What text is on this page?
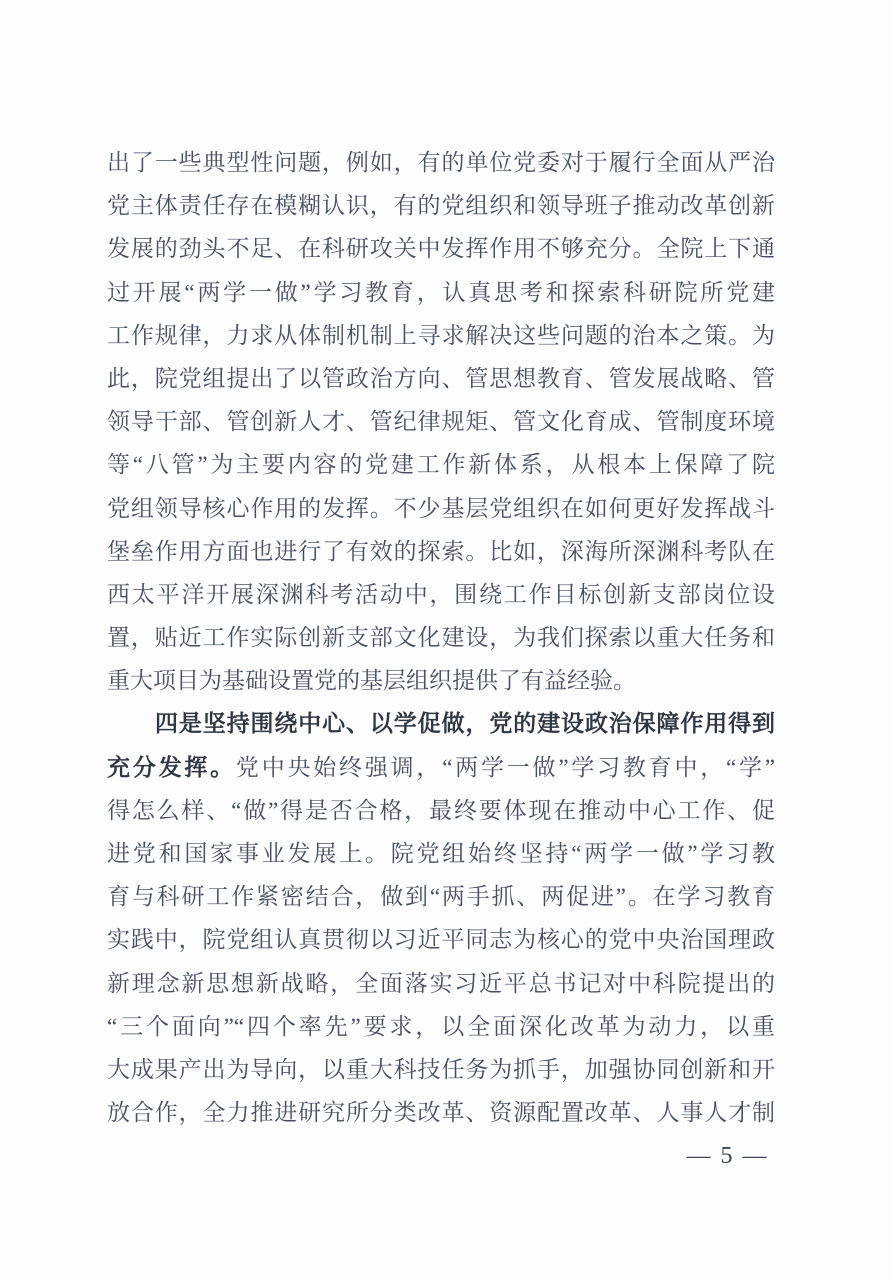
出了一些典型性问题，例如，有的单位党委对于履行全面从严治
党主体责任存在模糊认识，有的党组织和领导班子推动改革创新
发展的劲头不足、在科研攻关中发挥作用不够充分。全院上下通
过开展“两学一做”学习教育，认真思考和探索科研院所党建
工作规律，力求从体制机制上寻求解决这些问题的治本之策。为
此，院党组提出了以管政治方向、管思想教育、管发展战略、管
领导干部、管创新人才、管纪律规矩、管文化育成、管制度环境
等“八管”为主要内容的党建工作新体系，从根本上保障了院
党组领导核心作用的发挥。不少基层党组织在如何更好发挥战斗
堡垒作用方面也进行了有效的探索。比如，深海所深渊科考队在
西太平洋开展深渊科考活动中，围绕工作目标创新支部岗位设
置，贴近工作实际创新支部文化建设，为我们探索以重大任务和
重大项目为基础设置党的基层组织提供了有益经验。
四是坚持围绕中心、以学促做，党的建设政治保障作用得到
充分发挥。党中央始终强调，“两学一做”学习教育中，“学”
得怎么样、“做”得是否合格，最终要体现在推动中心工作、促
进党和国家事业发展上。院党组始终坚持“两学一做”学习教
育与科研工作紧密结合，做到“两手抓、两促进”。在学习教育
实践中，院党组认真贯彻以习近平同志为核心的党中央治国理政
新理念新思想新战略，全面落实习近平总书记对中科院提出的
“三个面向”“四个率先”要求，以全面深化改革为动力，以重
大成果产出为导向，以重大科技任务为抓手，加强协同创新和开
放合作，全力推进研究所分类改革、资源配置改革、人事人才制
— 5 —
